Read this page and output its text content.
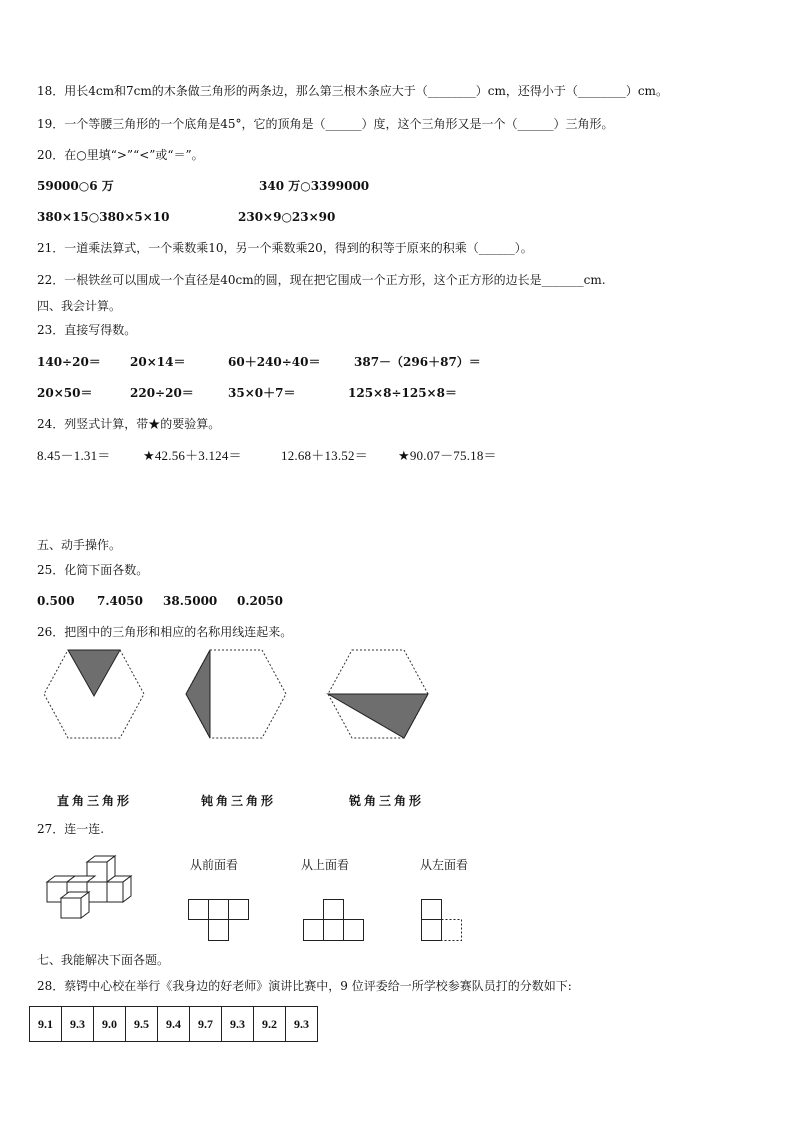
18．用长4cm和7cm的木条做三角形的两条边，那么第三根木条应大于（________）cm，还得小于（________）cm。
19．一个等腰三角形的一个底角是45°，它的顶角是（______）度，这个三角形又是一个（______）三角形。
20．在○里填“>”“<”或“＝”。
59000○6 万	340 万○3399000
380×15○380×5×10	230×9○23×90
21．一道乘法算式，一个乘数乘10，另一个乘数乘20，得到的积等于原来的积乘（______）。
22．一根铁丝可以围成一个直径是40cm的圆，现在把它围成一个正方形，这个正方形的边长是_______cm.
四、我会计算。
23．直接写得数。
140÷20＝ 20×14＝	60＋240÷40＝	387－（296＋87）＝
20×50＝	220÷20＝	35×0＋7＝	125×8÷125×8＝
24．列竖式计算，带★的要验算。
8.45－1.31＝	★42.56＋3.124＝	12.68＋13.52＝ ★90.07－75.18＝
五、动手操作。
25．化简下面各数。
0.500 7.4050 38.5000 0.2050
26．把图中的三角形和相应的名称用线连起来。
直角三角形	钝角三角形	锐角三角形
27．连一连.
从前面看	从上面看	从左面看
七、我能解决下面各题。
28．蔡锷中心校在举行《我身边的好老师》演讲比赛中，9 位评委给一所学校参赛队员打的分数如下:
9.1	9.3	9.0	9.5	9.4	9.7	9.3	9.2	9.3
